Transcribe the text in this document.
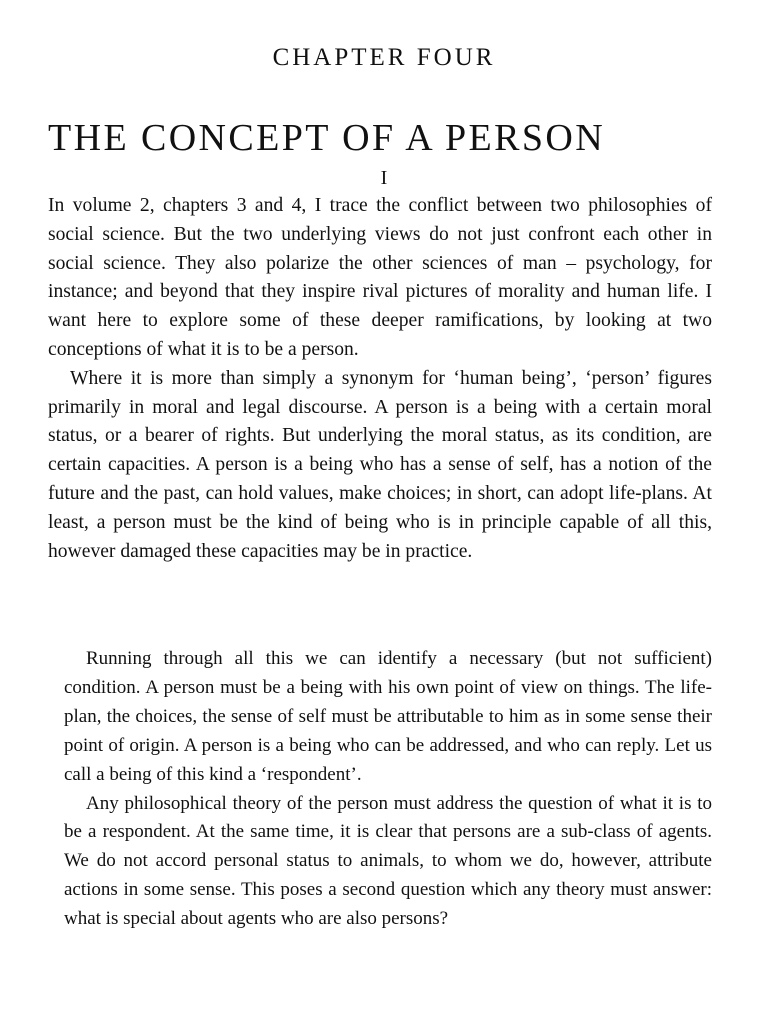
CHAPTER FOUR
THE CONCEPT OF A PERSON
I

In volume 2, chapters 3 and 4, I trace the conflict between two philosophies of social science. But the two underlying views do not just confront each other in social science. They also polarize the other sciences of man – psychology, for instance; and beyond that they inspire rival pictures of morality and human life. I want here to explore some of these deeper ramifications, by looking at two conceptions of what it is to be a person.

Where it is more than simply a synonym for ‘human being’, ‘person’ figures primarily in moral and legal discourse. A person is a being with a certain moral status, or a bearer of rights. But underlying the moral status, as its condition, are certain capacities. A person is a being who has a sense of self, has a notion of the future and the past, can hold values, make choices; in short, can adopt life-plans. At least, a person must be the kind of being who is in principle capable of all this, however damaged these capacities may be in practice.

Running through all this we can identify a necessary (but not sufficient) condition. A person must be a being with his own point of view on things. The life-plan, the choices, the sense of self must be attributable to him as in some sense their point of origin. A person is a being who can be addressed, and who can reply. Let us call a being of this kind a ‘respondent’.

Any philosophical theory of the person must address the question of what it is to be a respondent. At the same time, it is clear that persons are a sub-class of agents. We do not accord personal status to animals, to whom we do, however, attribute actions in some sense. This poses a second question which any theory must answer: what is special about agents who are also persons?
